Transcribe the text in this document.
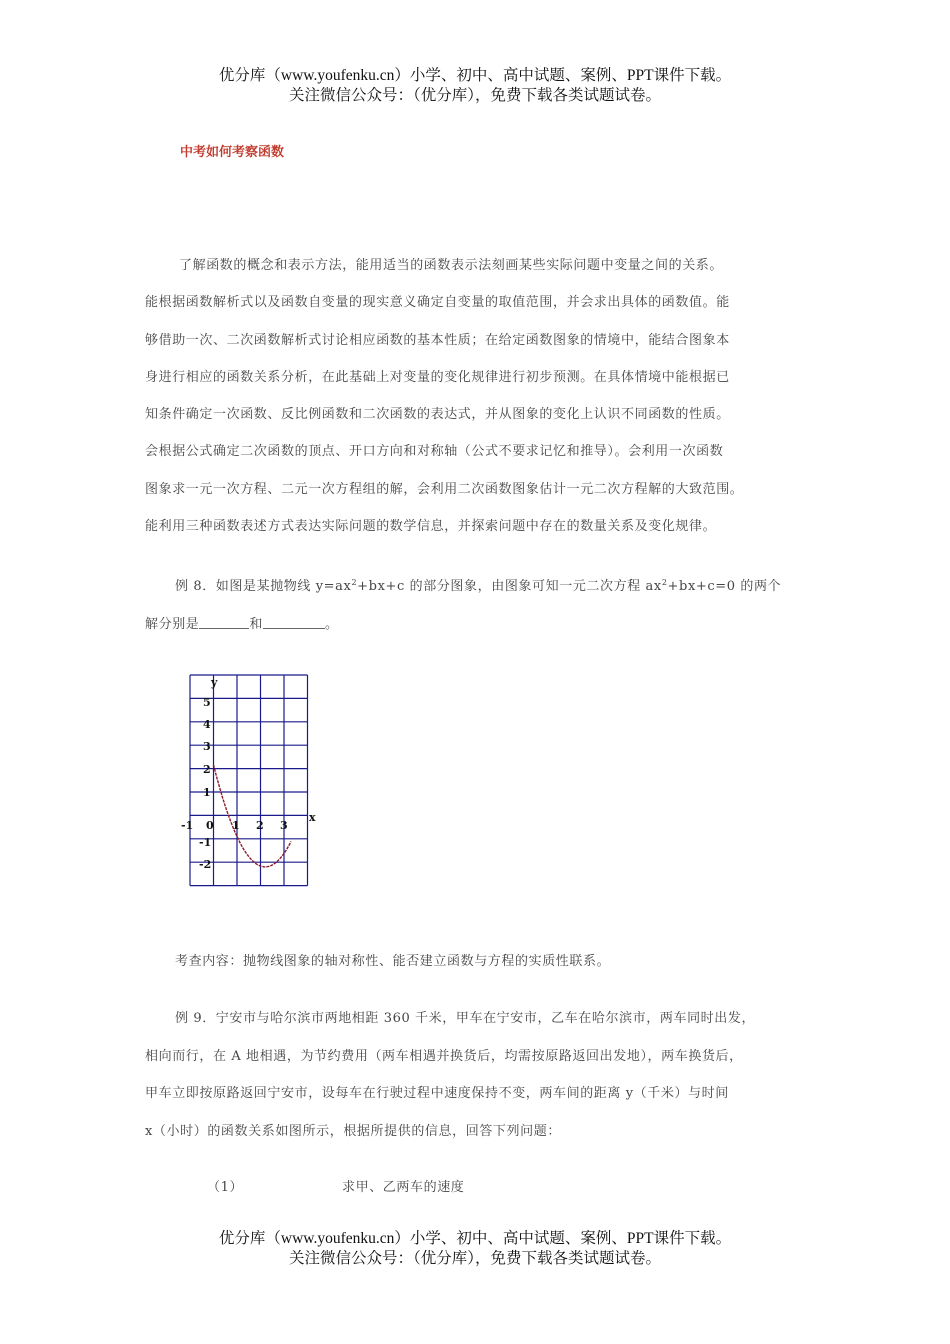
优分库（www.youfenku.cn）小学、初中、高中试题、案例、PPT课件下载。
关注微信公众号：（优分库），免费下载各类试题试卷。
中考如何考察函数

了解函数的概念和表示方法，能用适当的函数表示法刻画某些实际问题中变量之间的关系。

能根据函数解析式以及函数自变量的现实意义确定自变量的取值范围，并会求出具体的函数值。能

够借助一次、二次函数解析式讨论相应函数的基本性质；在给定函数图象的情境中，能结合图象本

身进行相应的函数关系分析，在此基础上对变量的变化规律进行初步预测。在具体情境中能根据已

知条件确定一次函数、反比例函数和二次函数的表达式，并从图象的变化上认识不同函数的性质。

会根据公式确定二次函数的顶点、开口方向和对称轴（公式不要求记忆和推导）。会利用一次函数

图象求一元一次方程、二元一次方程组的解，会利用二次函数图象估计一元二次方程解的大致范围。

能利用三种函数表述方式表达实际问题的数学信息，并探索问题中存在的数量关系及变化规律。

例 8．如图是某抛物线 $y=ax^2+bx+c$ 的部分图象，由图象可知一元二次方程 $ax^2+bx+c=0$ 的两个
解分别是	和	。
y
x
5
4
3
2
1
-1
-2
-1 0 1 2 3
考查内容：抛物线图象的轴对称性、能否建立函数与方程的实质性联系。

例 9．宁安市与哈尔滨市两地相距 360 千米，甲车在宁安市，乙车在哈尔滨市，两车同时出发，

相向而行，在 A 地相遇，为节约费用（两车相遇并换货后，均需按原路返回出发地），两车换货后，

甲车立即按原路返回宁安市，设每车在行驶过程中速度保持不变，两车间的距离 y（千米）与时间

x（小时）的函数关系如图所示，根据所提供的信息，回答下列问题：

（1）	求甲、乙两车的速度
优分库（www.youfenku.cn）小学、初中、高中试题、案例、PPT课件下载。
关注微信公众号：（优分库），免费下载各类试题试卷。
